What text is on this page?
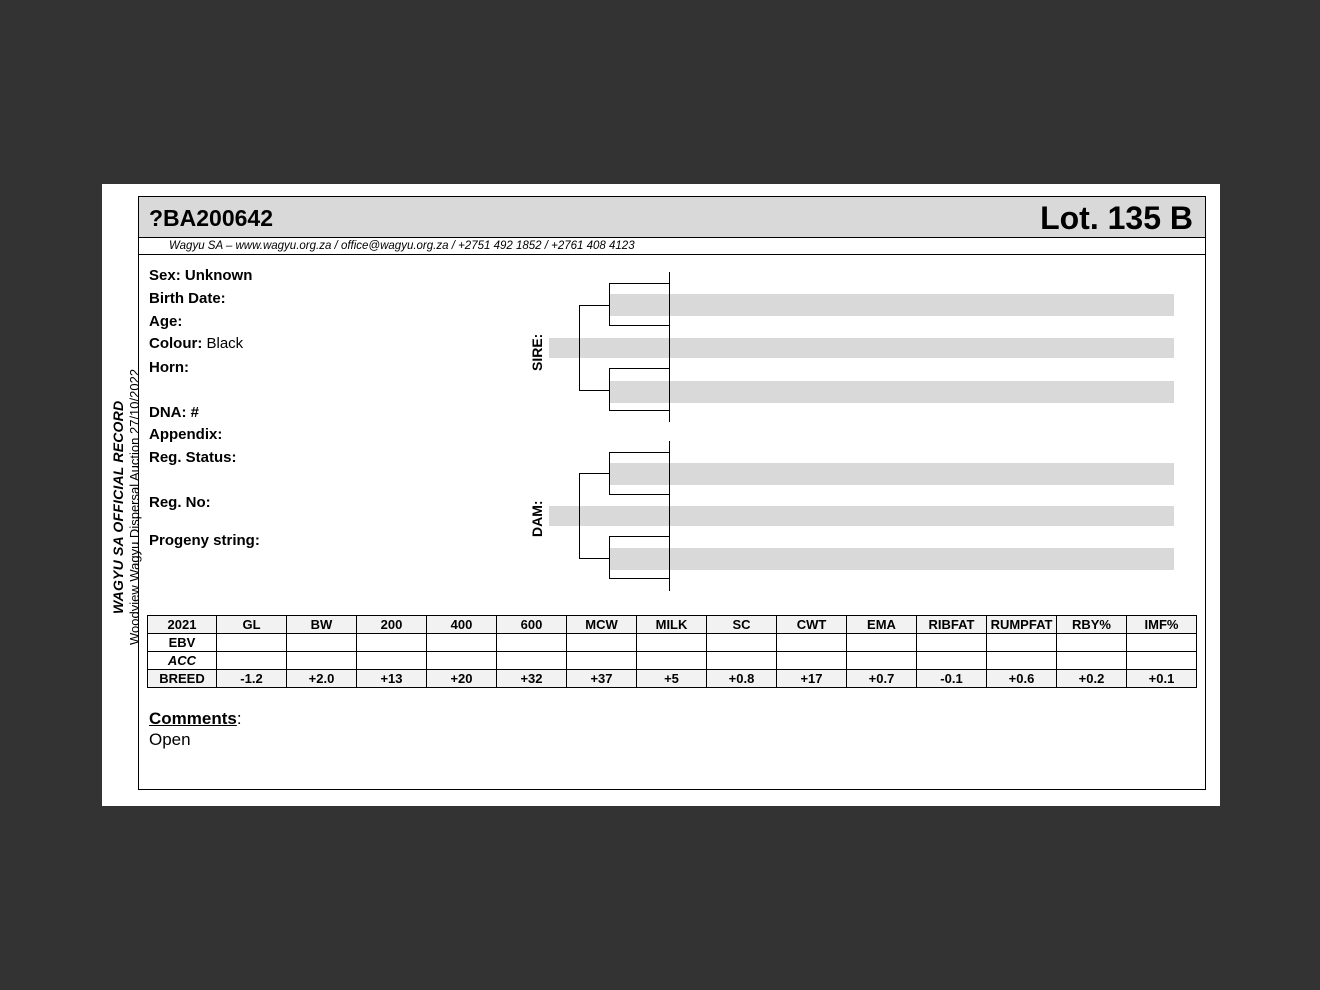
WAGYU SA OFFICIAL RECORD Woodview Wagyu Dispersal Auction 27/10/2022
?BA200642	Lot. 135 B
Wagyu SA – www.wagyu.org.za / office@wagyu.org.za / +2751 492 1852 / +2761 408 4123
Sex: Unknown
Birth Date:
Age:
Colour: Black
Horn:
DNA: #
Appendix:
Reg. Status:
Reg. No:
Progeny string:
SIRE:
DAM:
2021	GL	BW	200	400	600	MCW	MILK	SC	CWT	EMA	RIBFAT	RUMPFAT	RBY%	IMF%
EBV														
ACC														
BREED	-1.2	+2.0	+13	+20	+32	+37	+5	+0.8	+17	+0.7	-0.1	+0.6	+0.2	+0.1
Comments:
Open
